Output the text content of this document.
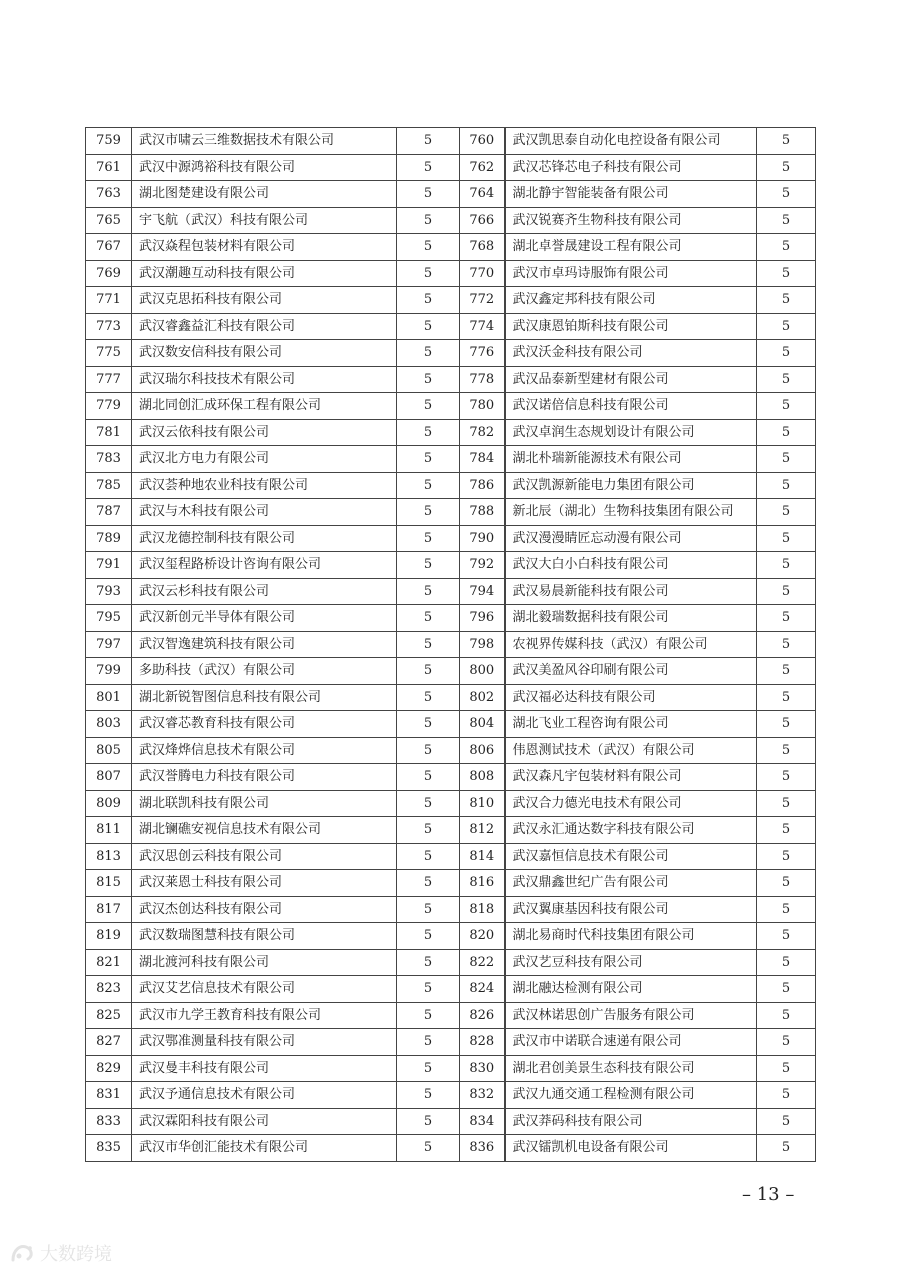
759	武汉市啸云三维数据技术有限公司	5	760	武汉凯思泰自动化电控设备有限公司	5
761	武汉中源鸿裕科技有限公司	5	762	武汉芯锋芯电子科技有限公司	5
763	湖北图楚建设有限公司	5	764	湖北静宇智能装备有限公司	5
765	宇飞航（武汉）科技有限公司	5	766	武汉锐赛齐生物科技有限公司	5
767	武汉焱程包装材料有限公司	5	768	湖北卓誉晟建设工程有限公司	5
769	武汉潮趣互动科技有限公司	5	770	武汉市卓玛诗服饰有限公司	5
771	武汉克思拓科技有限公司	5	772	武汉鑫定邦科技有限公司	5
773	武汉睿鑫益汇科技有限公司	5	774	武汉康恩铂斯科技有限公司	5
775	武汉数安信科技有限公司	5	776	武汉沃金科技有限公司	5
777	武汉瑞尔科技技术有限公司	5	778	武汉品泰新型建材有限公司	5
779	湖北同创汇成环保工程有限公司	5	780	武汉诺倍信息科技有限公司	5
781	武汉云依科技有限公司	5	782	武汉卓润生态规划设计有限公司	5
783	武汉北方电力有限公司	5	784	湖北朴瑞新能源技术有限公司	5
785	武汉荟种地农业科技有限公司	5	786	武汉凯源新能电力集团有限公司	5
787	武汉与木科技有限公司	5	788	新北辰（湖北）生物科技集团有限公司	5
789	武汉龙德控制科技有限公司	5	790	武汉漫漫睛匠忘动漫有限公司	5
791	武汉玺程路桥设计咨询有限公司	5	792	武汉大白小白科技有限公司	5
793	武汉云杉科技有限公司	5	794	武汉易晨新能科技有限公司	5
795	武汉新创元半导体有限公司	5	796	湖北毅瑞数据科技有限公司	5
797	武汉智逸建筑科技有限公司	5	798	农视界传媒科技（武汉）有限公司	5
799	多助科技（武汉）有限公司	5	800	武汉美盈风谷印刷有限公司	5
801	湖北新锐智图信息科技有限公司	5	802	武汉福必达科技有限公司	5
803	武汉睿芯教育科技有限公司	5	804	湖北飞业工程咨询有限公司	5
805	武汉烽烨信息技术有限公司	5	806	伟恩测试技术（武汉）有限公司	5
807	武汉誉腾电力科技有限公司	5	808	武汉森凡宇包装材料有限公司	5
809	湖北联凯科技有限公司	5	810	武汉合力德光电技术有限公司	5
811	湖北镧礁安视信息技术有限公司	5	812	武汉永汇通达数字科技有限公司	5
813	武汉思创云科技有限公司	5	814	武汉嘉恒信息技术有限公司	5
815	武汉莱恩士科技有限公司	5	816	武汉鼎鑫世纪广告有限公司	5
817	武汉杰创达科技有限公司	5	818	武汉翼康基因科技有限公司	5
819	武汉数瑞图慧科技有限公司	5	820	湖北易商时代科技集团有限公司	5
821	湖北渡河科技有限公司	5	822	武汉艺豆科技有限公司	5
823	武汉艾艺信息技术有限公司	5	824	湖北融达检测有限公司	5
825	武汉市九学王教育科技有限公司	5	826	武汉林诺思创广告服务有限公司	5
827	武汉鄂准测量科技有限公司	5	828	武汉市中诺联合速递有限公司	5
829	武汉曼丰科技有限公司	5	830	湖北君创美景生态科技有限公司	5
831	武汉予通信息技术有限公司	5	832	武汉九通交通工程检测有限公司	5
833	武汉霖阳科技有限公司	5	834	武汉莽码科技有限公司	5
835	武汉市华创汇能技术有限公司	5	836	武汉镭凯机电设备有限公司	5
– 13 –
大数跨境
